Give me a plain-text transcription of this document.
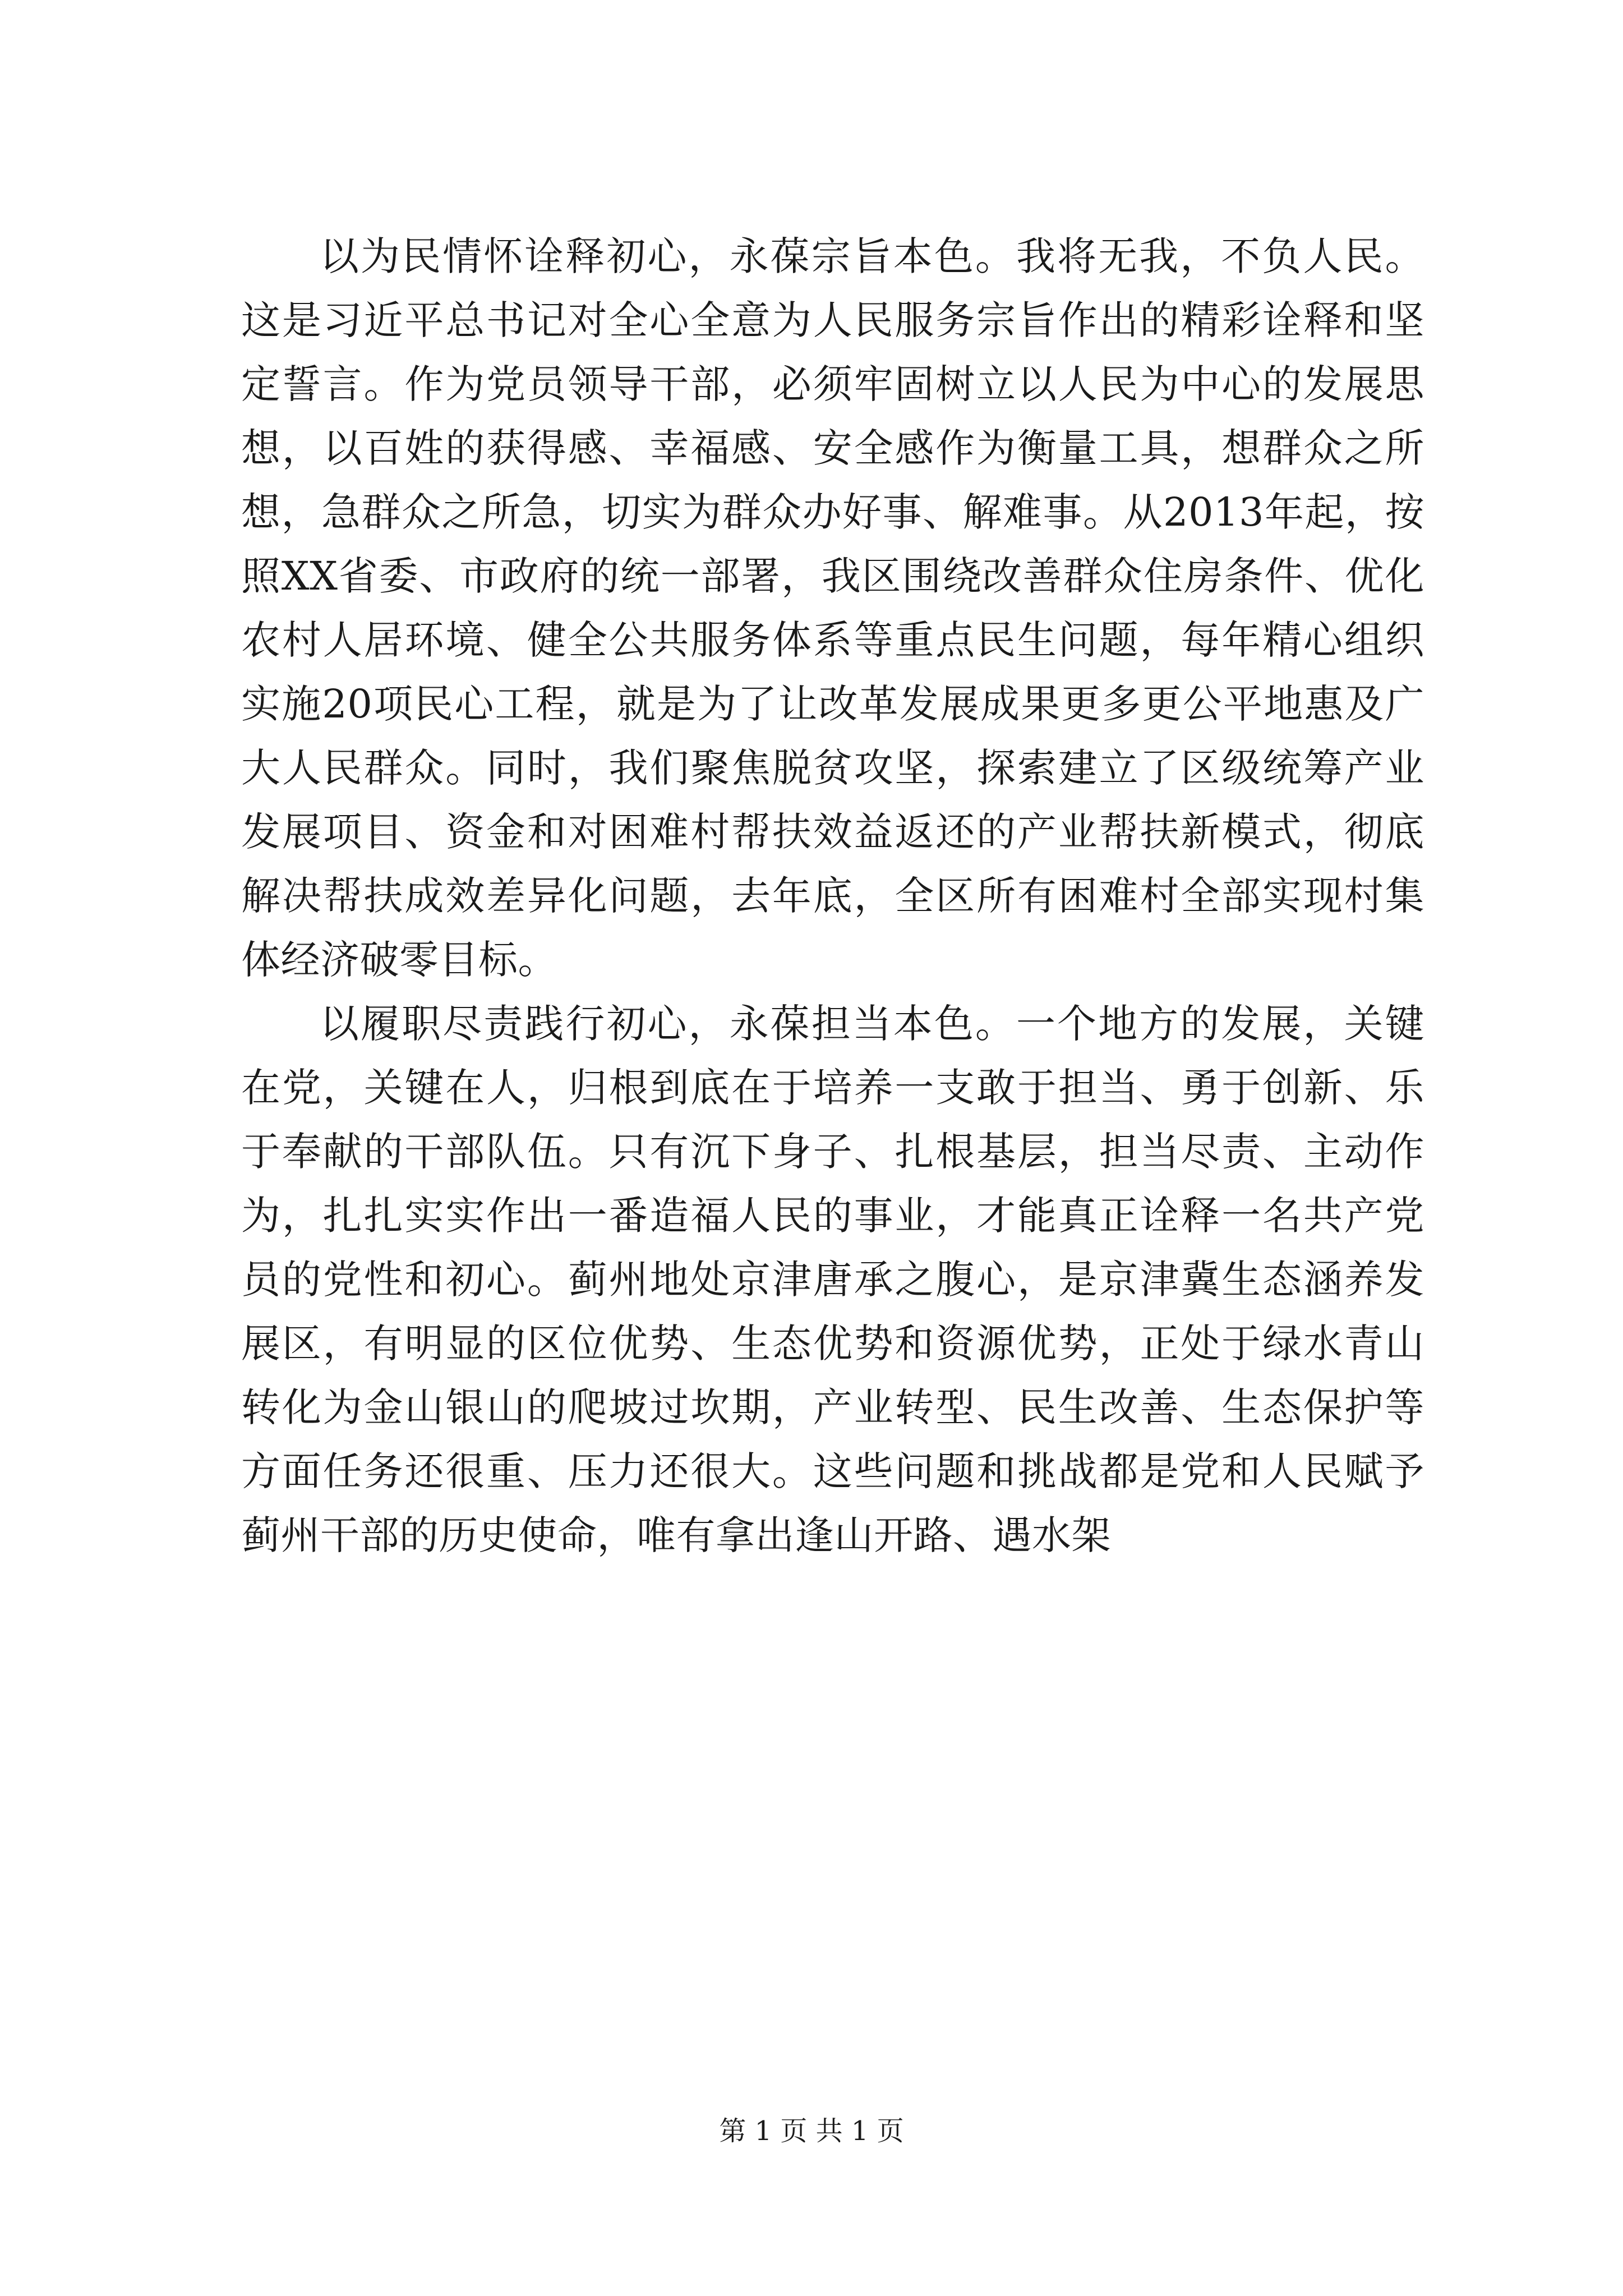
以为民情怀诠释初心，永葆宗旨本色。我将无我，不负人民。这是习近平总书记对全心全意为人民服务宗旨作出的精彩诠释和坚定誓言。作为党员领导干部，必须牢固树立以人民为中心的发展思想，以百姓的获得感、幸福感、安全感作为衡量工具，想群众之所想，急群众之所急，切实为群众办好事、解难事。从2013年起，按照XX省委、市政府的统一部署，我区围绕改善群众住房条件、优化农村人居环境、健全公共服务体系等重点民生问题，每年精心组织实施20项民心工程，就是为了让改革发展成果更多更公平地惠及广大人民群众。同时，我们聚焦脱贫攻坚，探索建立了区级统筹产业发展项目、资金和对困难村帮扶效益返还的产业帮扶新模式，彻底解决帮扶成效差异化问题，去年底，全区所有困难村全部实现村集体经济破零目标。

以履职尽责践行初心，永葆担当本色。一个地方的发展，关键在党，关键在人，归根到底在于培养一支敢于担当、勇于创新、乐于奉献的干部队伍。只有沉下身子、扎根基层，担当尽责、主动作为，扎扎实实作出一番造福人民的事业，才能真正诠释一名共产党员的党性和初心。蓟州地处京津唐承之腹心，是京津冀生态涵养发展区，有明显的区位优势、生态优势和资源优势，正处于绿水青山转化为金山银山的爬坡过坎期，产业转型、民生改善、生态保护等方面任务还很重、压力还很大。这些问题和挑战都是党和人民赋予蓟州干部的历史使命，唯有拿出逢山开路、遇水架

第 1 页 共 1 页
